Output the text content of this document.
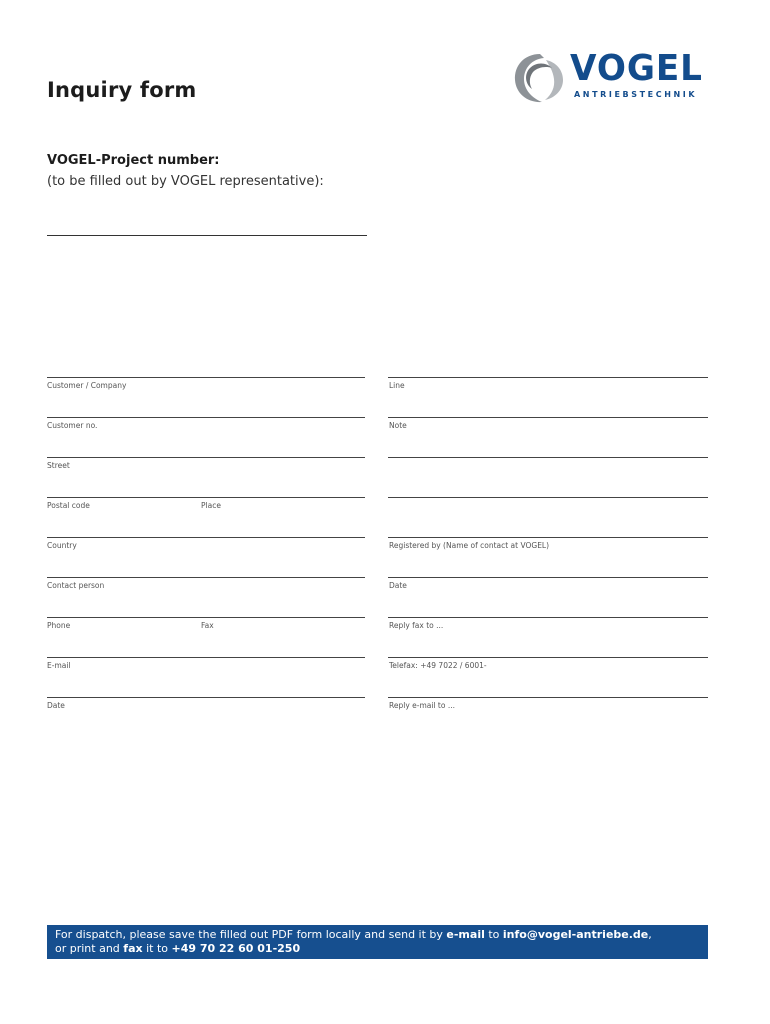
Inquiry form
VOGEL
ANTRIEBSTECHNIK
VOGEL-Project number:
(to be filled out by VOGEL representative):
Customer / Company
Customer no.
Street
Postal code	Place
Country
Contact person
Phone	Fax
E-mail
Date
Line
Note
Registered by (Name of contact at VOGEL)
Date
Reply fax to ...
Telefax: +49 7022 / 6001-
Reply e-mail to ...
For dispatch, please save the filled out PDF form locally and send it by e-mail to info@vogel-antriebe.de,
or print and fax it to +49 70 22 60 01-250
